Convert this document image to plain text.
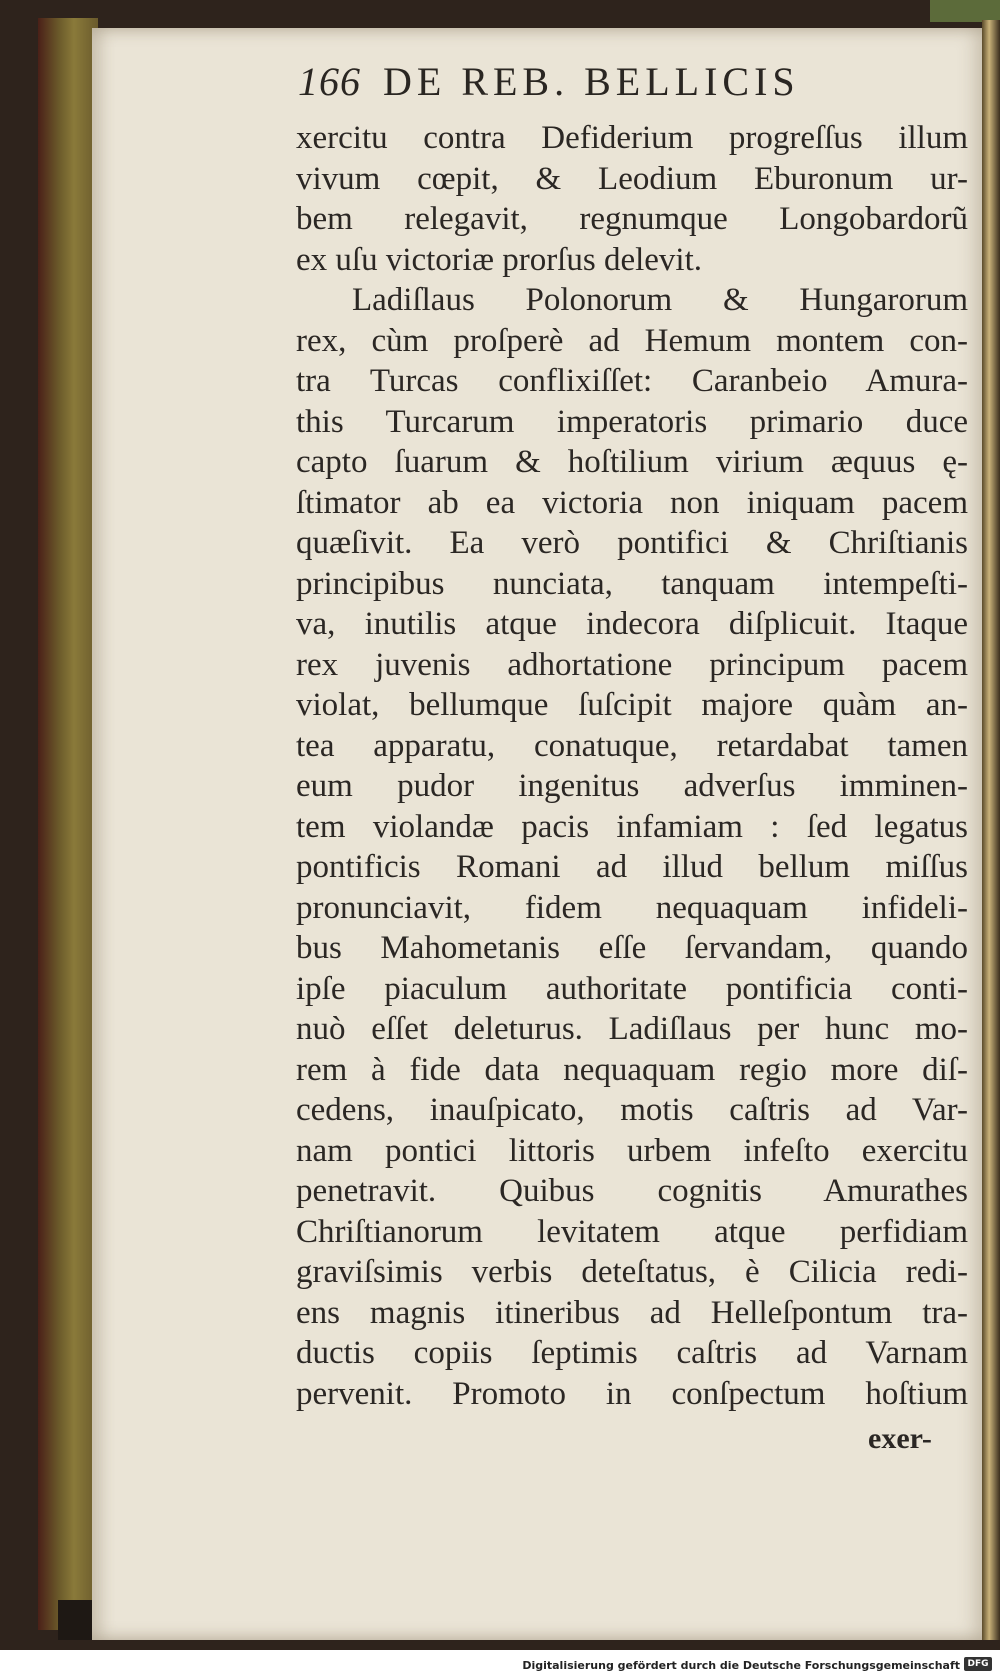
166 DE REB. BELLICIS
xercitu contra Defiderium progreſſus illum
vivum cœpit, & Leodium Eburonum ur-
bem relegavit, regnumque Longobardorũ
ex uſu victoriæ prorſus delevit.
Ladiſlaus Polonorum & Hungarorum
rex, cùm proſperè ad Hemum montem con-
tra Turcas conflixiſſet: Caranbeio Amura-
this Turcarum imperatoris primario duce
capto ſuarum & hoſtilium virium æquus ę-
ſtimator ab ea victoria non iniquam pacem
quæſivit. Ea verò pontifici & Chriſtianis
principibus nunciata, tanquam intempeſti-
va, inutilis atque indecora diſplicuit. Itaque
rex juvenis adhortatione principum pacem
violat, bellumque ſuſcipit majore quàm an-
tea apparatu, conatuque, retardabat tamen
eum pudor ingenitus adverſus imminen-
tem violandæ pacis infamiam : ſed legatus
pontificis Romani ad illud bellum miſſus
pronunciavit, fidem nequaquam infideli-
bus Mahometanis eſſe ſervandam, quando
ipſe piaculum authoritate pontificia conti-
nuò eſſet deleturus. Ladiſlaus per hunc mo-
rem à fide data nequaquam regio more diſ-
cedens, inauſpicato, motis caſtris ad Var-
nam pontici littoris urbem infeſto exercitu
penetravit. Quibus cognitis Amurathes
Chriſtianorum levitatem atque perfidiam
graviſsimis verbis deteſtatus, è Cilicia redi-
ens magnis itineribus ad Helleſpontum tra-
ductis copiis ſeptimis caſtris ad Varnam
pervenit. Promoto in conſpectum hoſtium
exer-
Digitalisierung gefördert durch die Deutsche Forschungsgemeinschaft DFG
